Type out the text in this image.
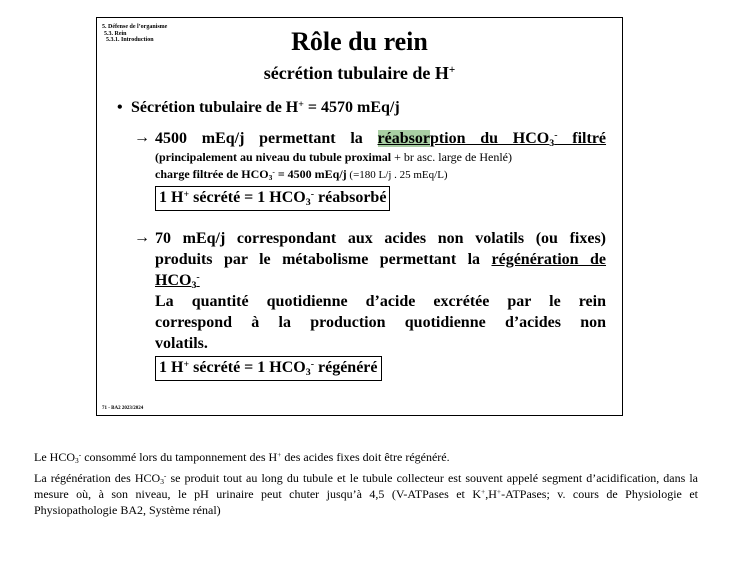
5. Défense de l’organisme
5.3. Rein
5.3.1. Introduction	Rôle du rein
sécrétion tubulaire de H+
• Sécrétion tubulaire de H+ = 4570 mEq/j
→ 4500 mEq/j permettant la réabsorption du $HCO_3^-$ filtré
(principalement au niveau du tubule proximal + br asc. large de Henlé)
charge filtrée de $HCO_3^- = 4500$ mEq/j (=180 L/j . 25 mEq/L)
1 H+ sécrété = 1 $HCO_3^-$ réabsorbé
→ 70 mEq/j correspondant aux acides non volatils (ou fixes)
produits par le métabolisme permettant la régénération de
$HCO_3^-$
La quantité quotidienne d’acide excrétée par le rein
correspond à la production quotidienne d’acides non
volatils.
1 H+ sécrété = 1 $HCO_3^-$ régénéré
71 - BA2 2023/2024

Le $HCO_3^-$ consommé lors du tamponnement des H+ des acides fixes doit être régénéré.

La régénération des $HCO_3^-$ se produit tout au long du tubule et le tubule collecteur est souvent appelé segment d’acidification, dans la mesure où, à son niveau, le pH urinaire peut chuter jusqu’à 4,5 (V-ATPases et K+,H+-ATPases; v. cours de Physiologie et Physiopathologie BA2, Système rénal)
